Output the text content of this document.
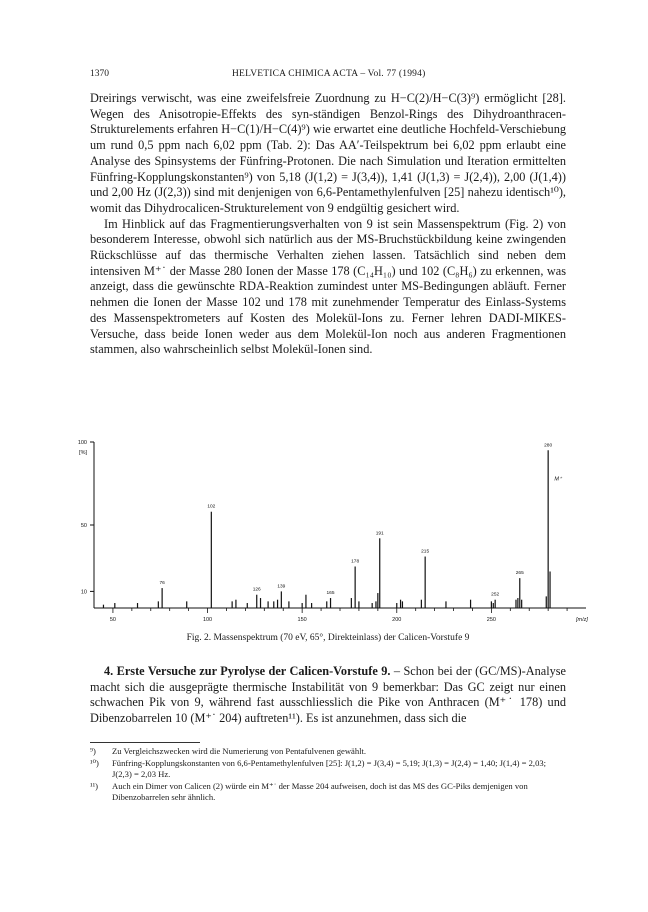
1370	HELVETICA CHIMICA ACTA – Vol. 77 (1994)

Dreirings verwischt, was eine zweifelsfreie Zuordnung zu H−C(2)/H−C(3)⁹) ermöglicht [28]. Wegen des Anisotropie-Effekts des syn-ständigen Benzol-Rings des Dihydroanthracen-Strukturelements erfahren H−C(1)/H−C(4)⁹) wie erwartet eine deutliche Hochfeld-Verschiebung um rund 0,5 ppm nach 6,02 ppm (Tab. 2): Das AA′-Teilspektrum bei 6,02 ppm erlaubt eine Analyse des Spinsystems der Fünfring-Protonen. Die nach Simulation und Iteration ermittelten Fünfring-Kopplungskonstanten⁹) von 5,18 (J(1,2) = J(3,4)), 1,41 (J(1,3) = J(2,4)), 2,00 (J(1,4)) und 2,00 Hz (J(2,3)) sind mit denjenigen von 6,6-Pentamethylenfulven [25] nahezu identisch¹⁰), womit das Dihydrocalicen-Strukturelement von 9 endgültig gesichert wird.

Im Hinblick auf das Fragmentierungsverhalten von 9 ist sein Massenspektrum (Fig. 2) von besonderem Interesse, obwohl sich natürlich aus der MS-Bruchstückbildung keine zwingenden Rückschlüsse auf das thermische Verhalten ziehen lassen. Tatsächlich sind neben dem intensiven M⁺˙ der Masse 280 Ionen der Masse 178 (C₁₄H₁₀) und 102 (C₈H₆) zu erkennen, was anzeigt, dass die gewünschte RDA-Reaktion zumindest unter MS-Bedingungen abläuft. Ferner nehmen die Ionen der Masse 102 und 178 mit zunehmender Temperatur des Einlass-Systems des Massenspektrometers auf Kosten des Molekül-Ions zu. Ferner lehren DADI-MIKES-Versuche, dass beide Ionen weder aus dem Molekül-Ion noch aus anderen Fragmentionen stammen, also wahrscheinlich selbst Molekül-Ionen sind.

100
50
10
[%]
50	100	150	200	250	[m/z]
76
102
126
139
165
178
191
215
252
265
280
M⁺
Fig. 2. Massenspektrum (70 eV, 65°, Direkteinlass) der Calicen-Vorstufe 9

4. Erste Versuche zur Pyrolyse der Calicen-Vorstufe 9. – Schon bei der (GC/MS)-Analyse macht sich die ausgeprägte thermische Instabilität von 9 bemerkbar: Das GC zeigt nur einen schwachen Pik von 9, während fast ausschliesslich die Pike von Anthracen (M⁺˙ 178) und Dibenzobarrelen 10 (M⁺˙ 204) auftreten¹¹). Es ist anzunehmen, dass sich die

⁹) Zu Vergleichszwecken wird die Numerierung von Pentafulvenen gewählt.
¹⁰) Fünfring-Kopplungskonstanten von 6,6-Pentamethylenfulven [25]: J(1,2) = J(3,4) = 5,19; J(1,3) = J(2,4) = 1,40; J(1,4) = 2,03; J(2,3) = 2,03 Hz.
¹¹) Auch ein Dimer von Calicen (2) würde ein M⁺˙ der Masse 204 aufweisen, doch ist das MS des GC-Piks demjenigen von Dibenzobarrelen sehr ähnlich.
